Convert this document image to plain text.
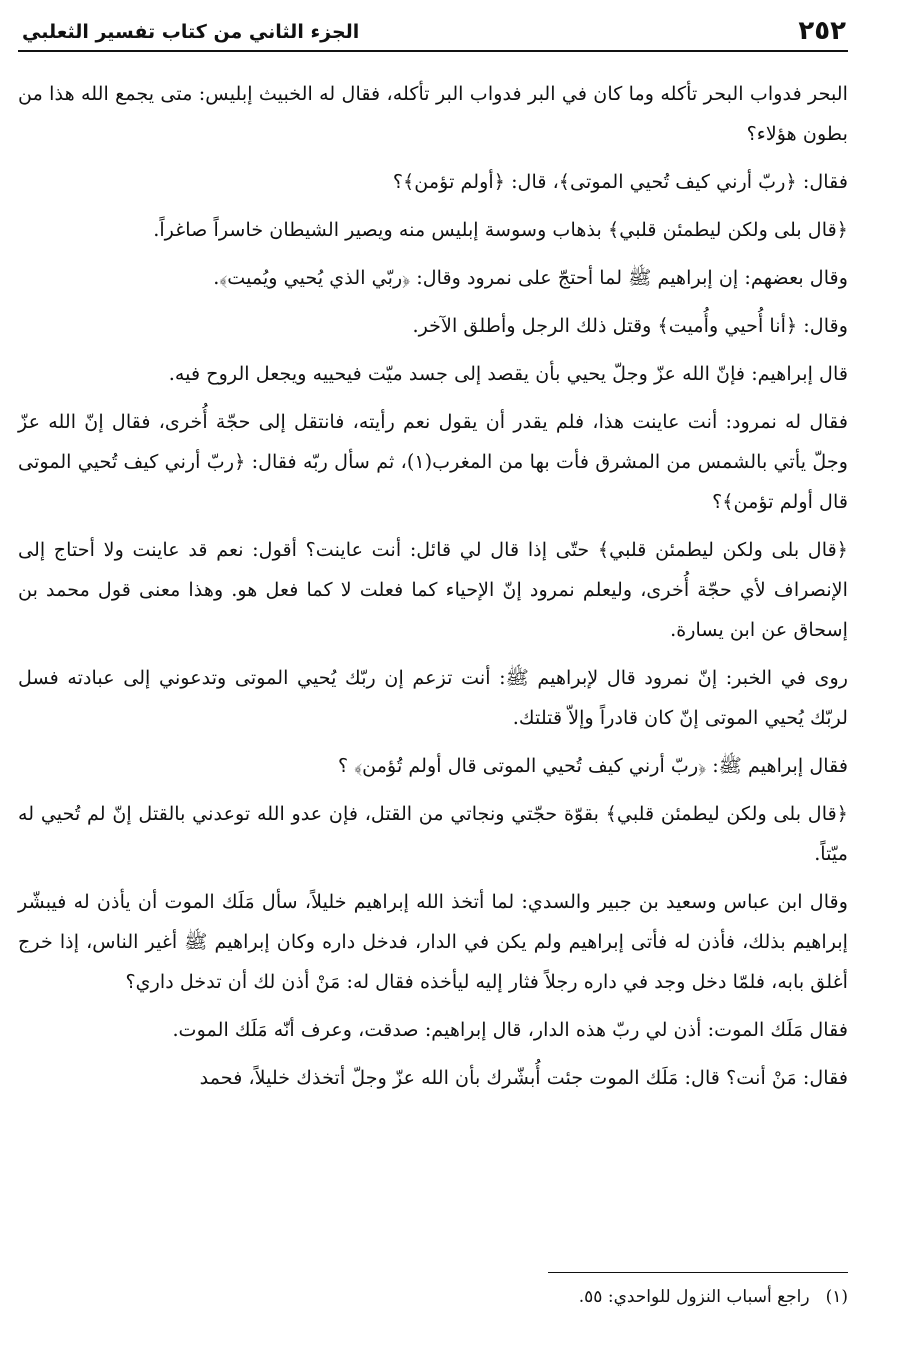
٢٥٢
الجزء الثاني من كتاب تفسير الثعلبي

البحر فدواب البحر تأكله وما كان في البر فدواب البر تأكله، فقال له الخبيث إبليس: متى يجمع الله هذا من بطون هؤلاء؟

فقال: ﴿ربّ أرني كيف تُحيي الموتى﴾، قال: ﴿أولم تؤمن﴾؟

﴿قال بلى ولكن ليطمئن قلبي﴾ بذهاب وسوسة إبليس منه ويصير الشيطان خاسراً صاغراً.

وقال بعضهم: إن إبراهيم ﷺ لما أحتجّ على نمرود وقال: ﴿ربّي الذي يُحيي ويُميت﴾.

وقال: ﴿أنا أُحيي وأُميت﴾ وقتل ذلك الرجل وأطلق الآخر.

قال إبراهيم: فإنّ الله عزّ وجلّ يحيي بأن يقصد إلى جسد ميّت فيحييه ويجعل الروح فيه.

فقال له نمرود: أنت عاينت هذا، فلم يقدر أن يقول نعم رأيته، فانتقل إلى حجّة أُخرى، فقال إنّ الله عزّ وجلّ يأتي بالشمس من المشرق فأت بها من المغرب(١)، ثم سأل ربّه فقال: ﴿ربّ أرني كيف تُحيي الموتى قال أولم تؤمن﴾؟

﴿قال بلى ولكن ليطمئن قلبي﴾ حتّى إذا قال لي قائل: أنت عاينت؟ أقول: نعم قد عاينت ولا أحتاج إلى الإنصراف لأي حجّة أُخرى، وليعلم نمرود إنّ الإحياء كما فعلت لا كما فعل هو. وهذا معنى قول محمد بن إسحاق عن ابن يسارة.

روى في الخبر: إنّ نمرود قال لإبراهيم ﷺ: أنت تزعم إن ربّك يُحيي الموتى وتدعوني إلى عبادته فسل لربّك يُحيي الموتى إنّ كان قادراً وإلاّ قتلتك.

فقال إبراهيم ﷺ: ﴿ربّ أرني كيف تُحيي الموتى قال أولم تُؤمن﴾ ؟

﴿قال بلى ولكن ليطمئن قلبي﴾ بقوّة حجّتي ونجاتي من القتل، فإن عدو الله توعدني بالقتل إنّ لم تُحيي له ميّتاً.

وقال ابن عباس وسعيد بن جبير والسدي: لما أتخذ الله إبراهيم خليلاً، سأل مَلَك الموت أن يأذن له فيبشّر إبراهيم بذلك، فأذن له فأتى إبراهيم ولم يكن في الدار، فدخل داره وكان إبراهيم ﷺ أغير الناس، إذا خرج أغلق بابه، فلمّا دخل وجد في داره رجلاً فثار إليه ليأخذه فقال له: مَنْ أذن لك أن تدخل داري؟

فقال مَلَك الموت: أذن لي ربّ هذه الدار، قال إبراهيم: صدقت، وعرف أنّه مَلَك الموت.

فقال: مَنْ أنت؟ قال: مَلَك الموت جئت أُبشّرك بأن الله عزّ وجلّ أتخذك خليلاً، فحمد

(١)راجع أسباب النزول للواحدي: ٥٥.
